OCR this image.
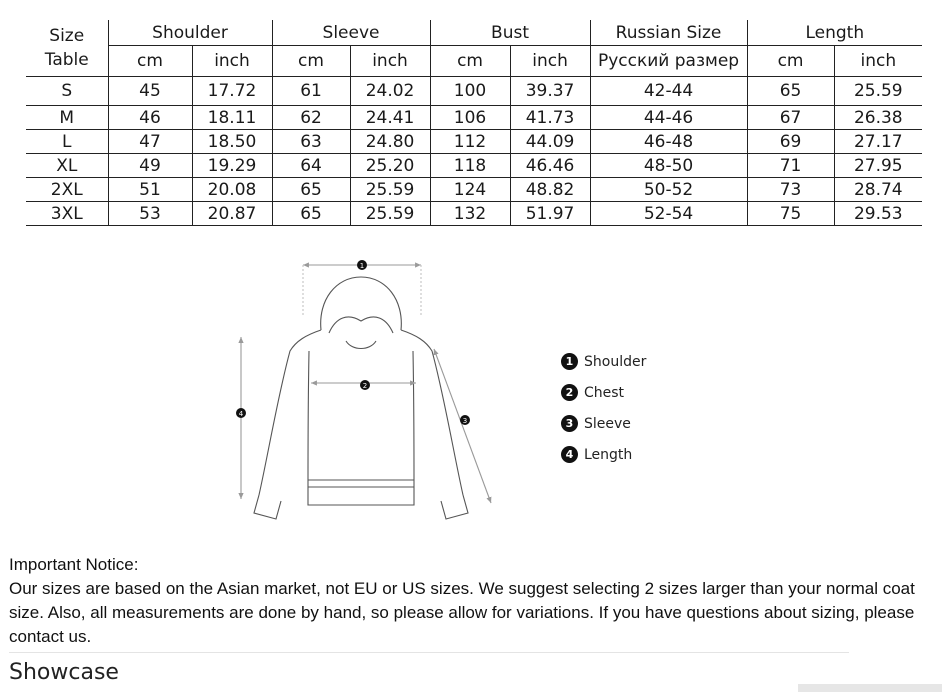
Size
Table	Shoulder		Sleeve		Bust		Russian Size	Length	
	cm	inch	cm	inch	cm	inch	Русский размер	cm	inch
S	45	17.72	61	24.02	100	39.37	42-44	65	25.59
M	46	18.11	62	24.41	106	41.73	44-46	67	26.38
L	47	18.50	63	24.80	112	44.09	46-48	69	27.17
XL	49	19.29	64	25.20	118	46.46	48-50	71	27.95
2XL	51	20.08	65	25.59	124	48.82	50-52	73	28.74
3XL	53	20.87	65	25.59	132	51.97	52-54	75	29.53
1
2
3
4
1 Shoulder
2 Chest
3 Sleeve
4 Length
Important Notice:
Our sizes are based on the Asian market, not EU or US sizes. We suggest selecting 2 sizes larger than your normal coat size. Also, all measurements are done by hand, so please allow for variations. If you have questions about sizing, please contact us.
Showcase
